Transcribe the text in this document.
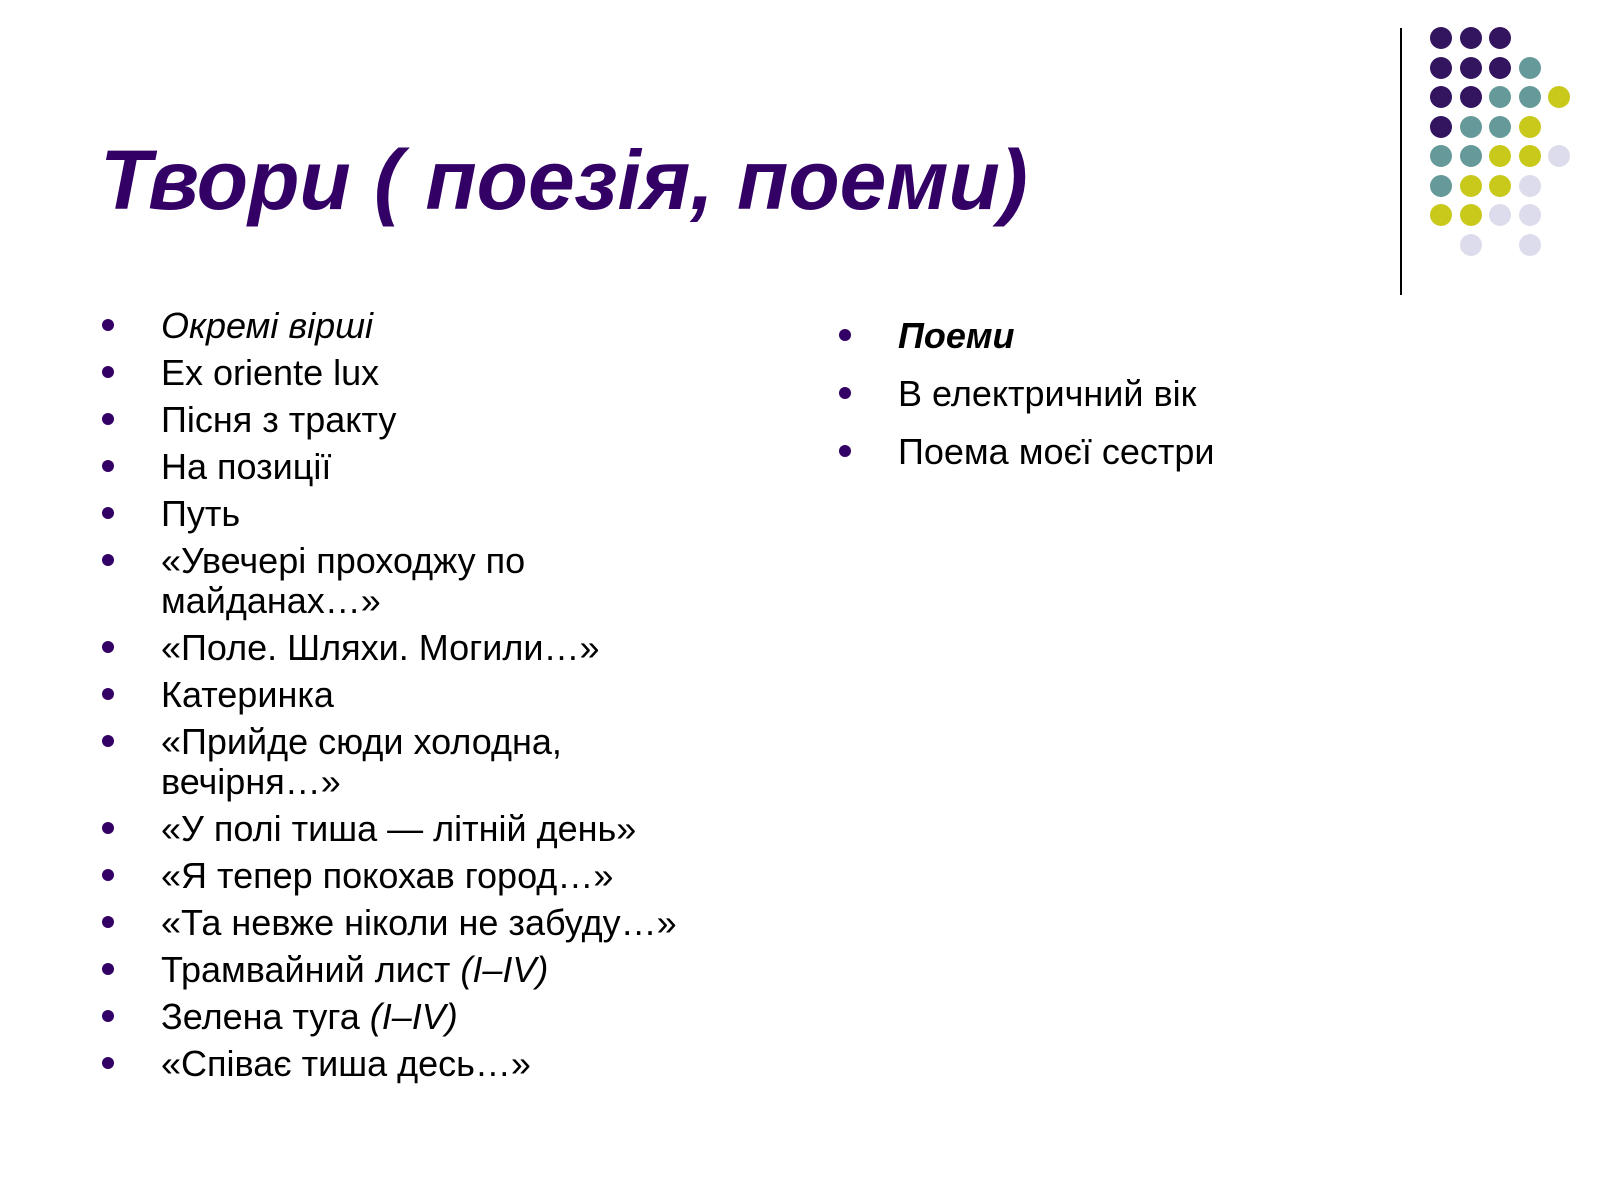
Твори ( поезія, поеми)
Окремі вірші
Ex oriente lux
Пісня з тракту
На позиції
Путь
«Увечері проходжу по майданах…»
«Поле. Шляхи. Могили…»
Катеринка
«Прийде сюди холодна, вечірня…»
«У полі тиша — літній день»
«Я тепер покохав город…»
«Та невже ніколи не забуду…»
Трамвайний лист (I–IV)
Зелена туга (I–IV)
«Співає тиша десь…»
Поеми
В електричний вік
Поема моєї сестри
